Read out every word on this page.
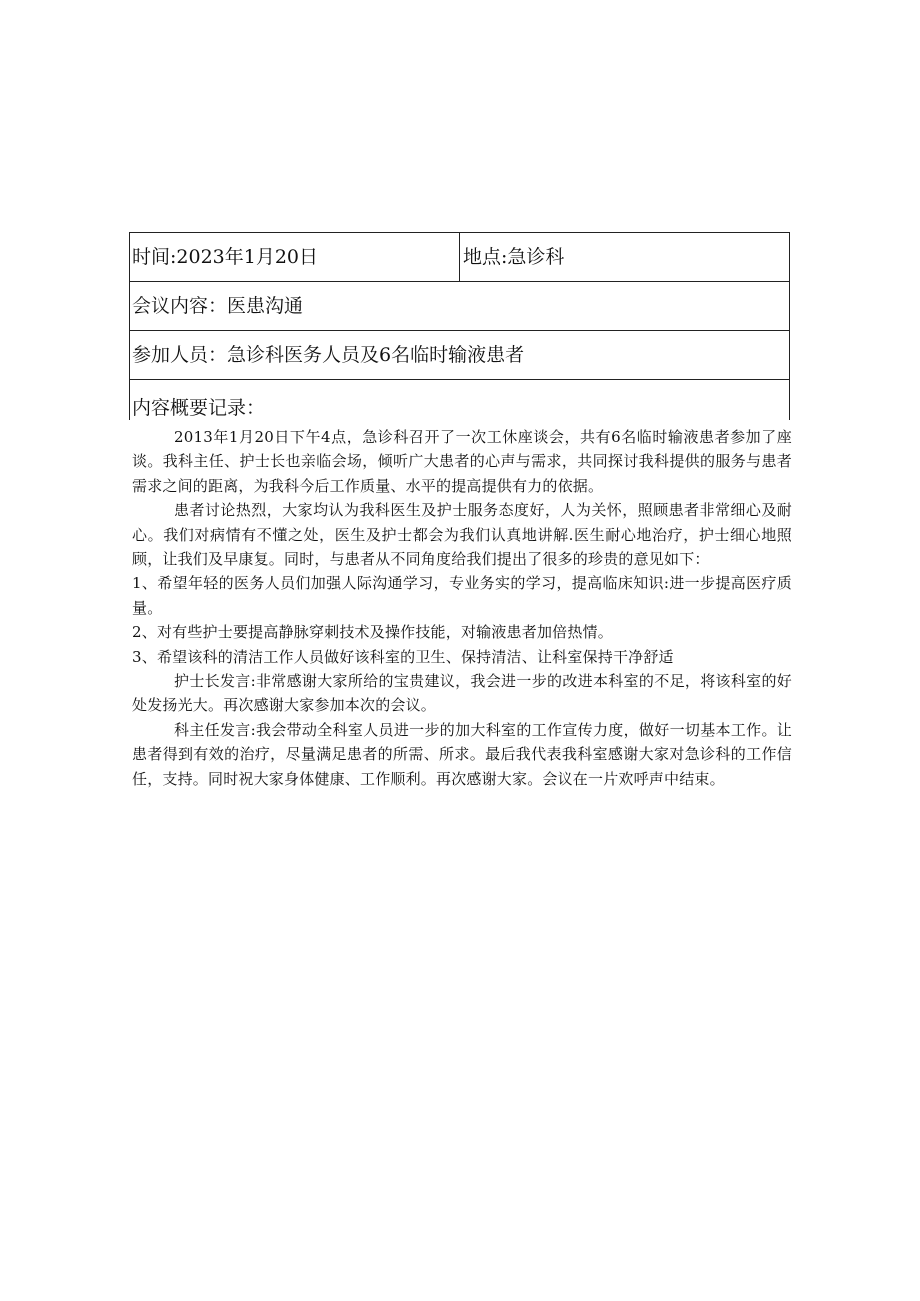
时间:2023年1月20日	地点:急诊科
会议内容：医患沟通
参加人员：急诊科医务人员及6名临时输液患者
内容概要记录：

2013年1月20日下午4点，急诊科召开了一次工休座谈会，共有6名临时输液患者参加了座谈。我科主任、护士长也亲临会场，倾听广大患者的心声与需求，共同探讨我科提供的服务与患者需求之间的距离，为我科今后工作质量、水平的提高提供有力的依据。

患者讨论热烈，大家均认为我科医生及护士服务态度好，人为关怀，照顾患者非常细心及耐心。我们对病情有不懂之处，医生及护士都会为我们认真地讲解.医生耐心地治疗，护士细心地照顾，让我们及早康复。同时，与患者从不同角度给我们提出了很多的珍贵的意见如下：

1、希望年轻的医务人员们加强人际沟通学习，专业务实的学习，提高临床知识:进一步提高医疗质量。

2、对有些护士要提高静脉穿刺技术及操作技能，对输液患者加倍热情。

3、希望该科的清洁工作人员做好该科室的卫生、保持清洁、让科室保持干净舒适

护士长发言:非常感谢大家所给的宝贵建议，我会进一步的改进本科室的不足，将该科室的好处发扬光大。再次感谢大家参加本次的会议。

科主任发言:我会带动全科室人员进一步的加大科室的工作宣传力度，做好一切基本工作。让患者得到有效的治疗，尽量满足患者的所需、所求。最后我代表我科室感谢大家对急诊科的工作信任，支持。同时祝大家身体健康、工作顺利。再次感谢大家。会议在一片欢呼声中结束。
